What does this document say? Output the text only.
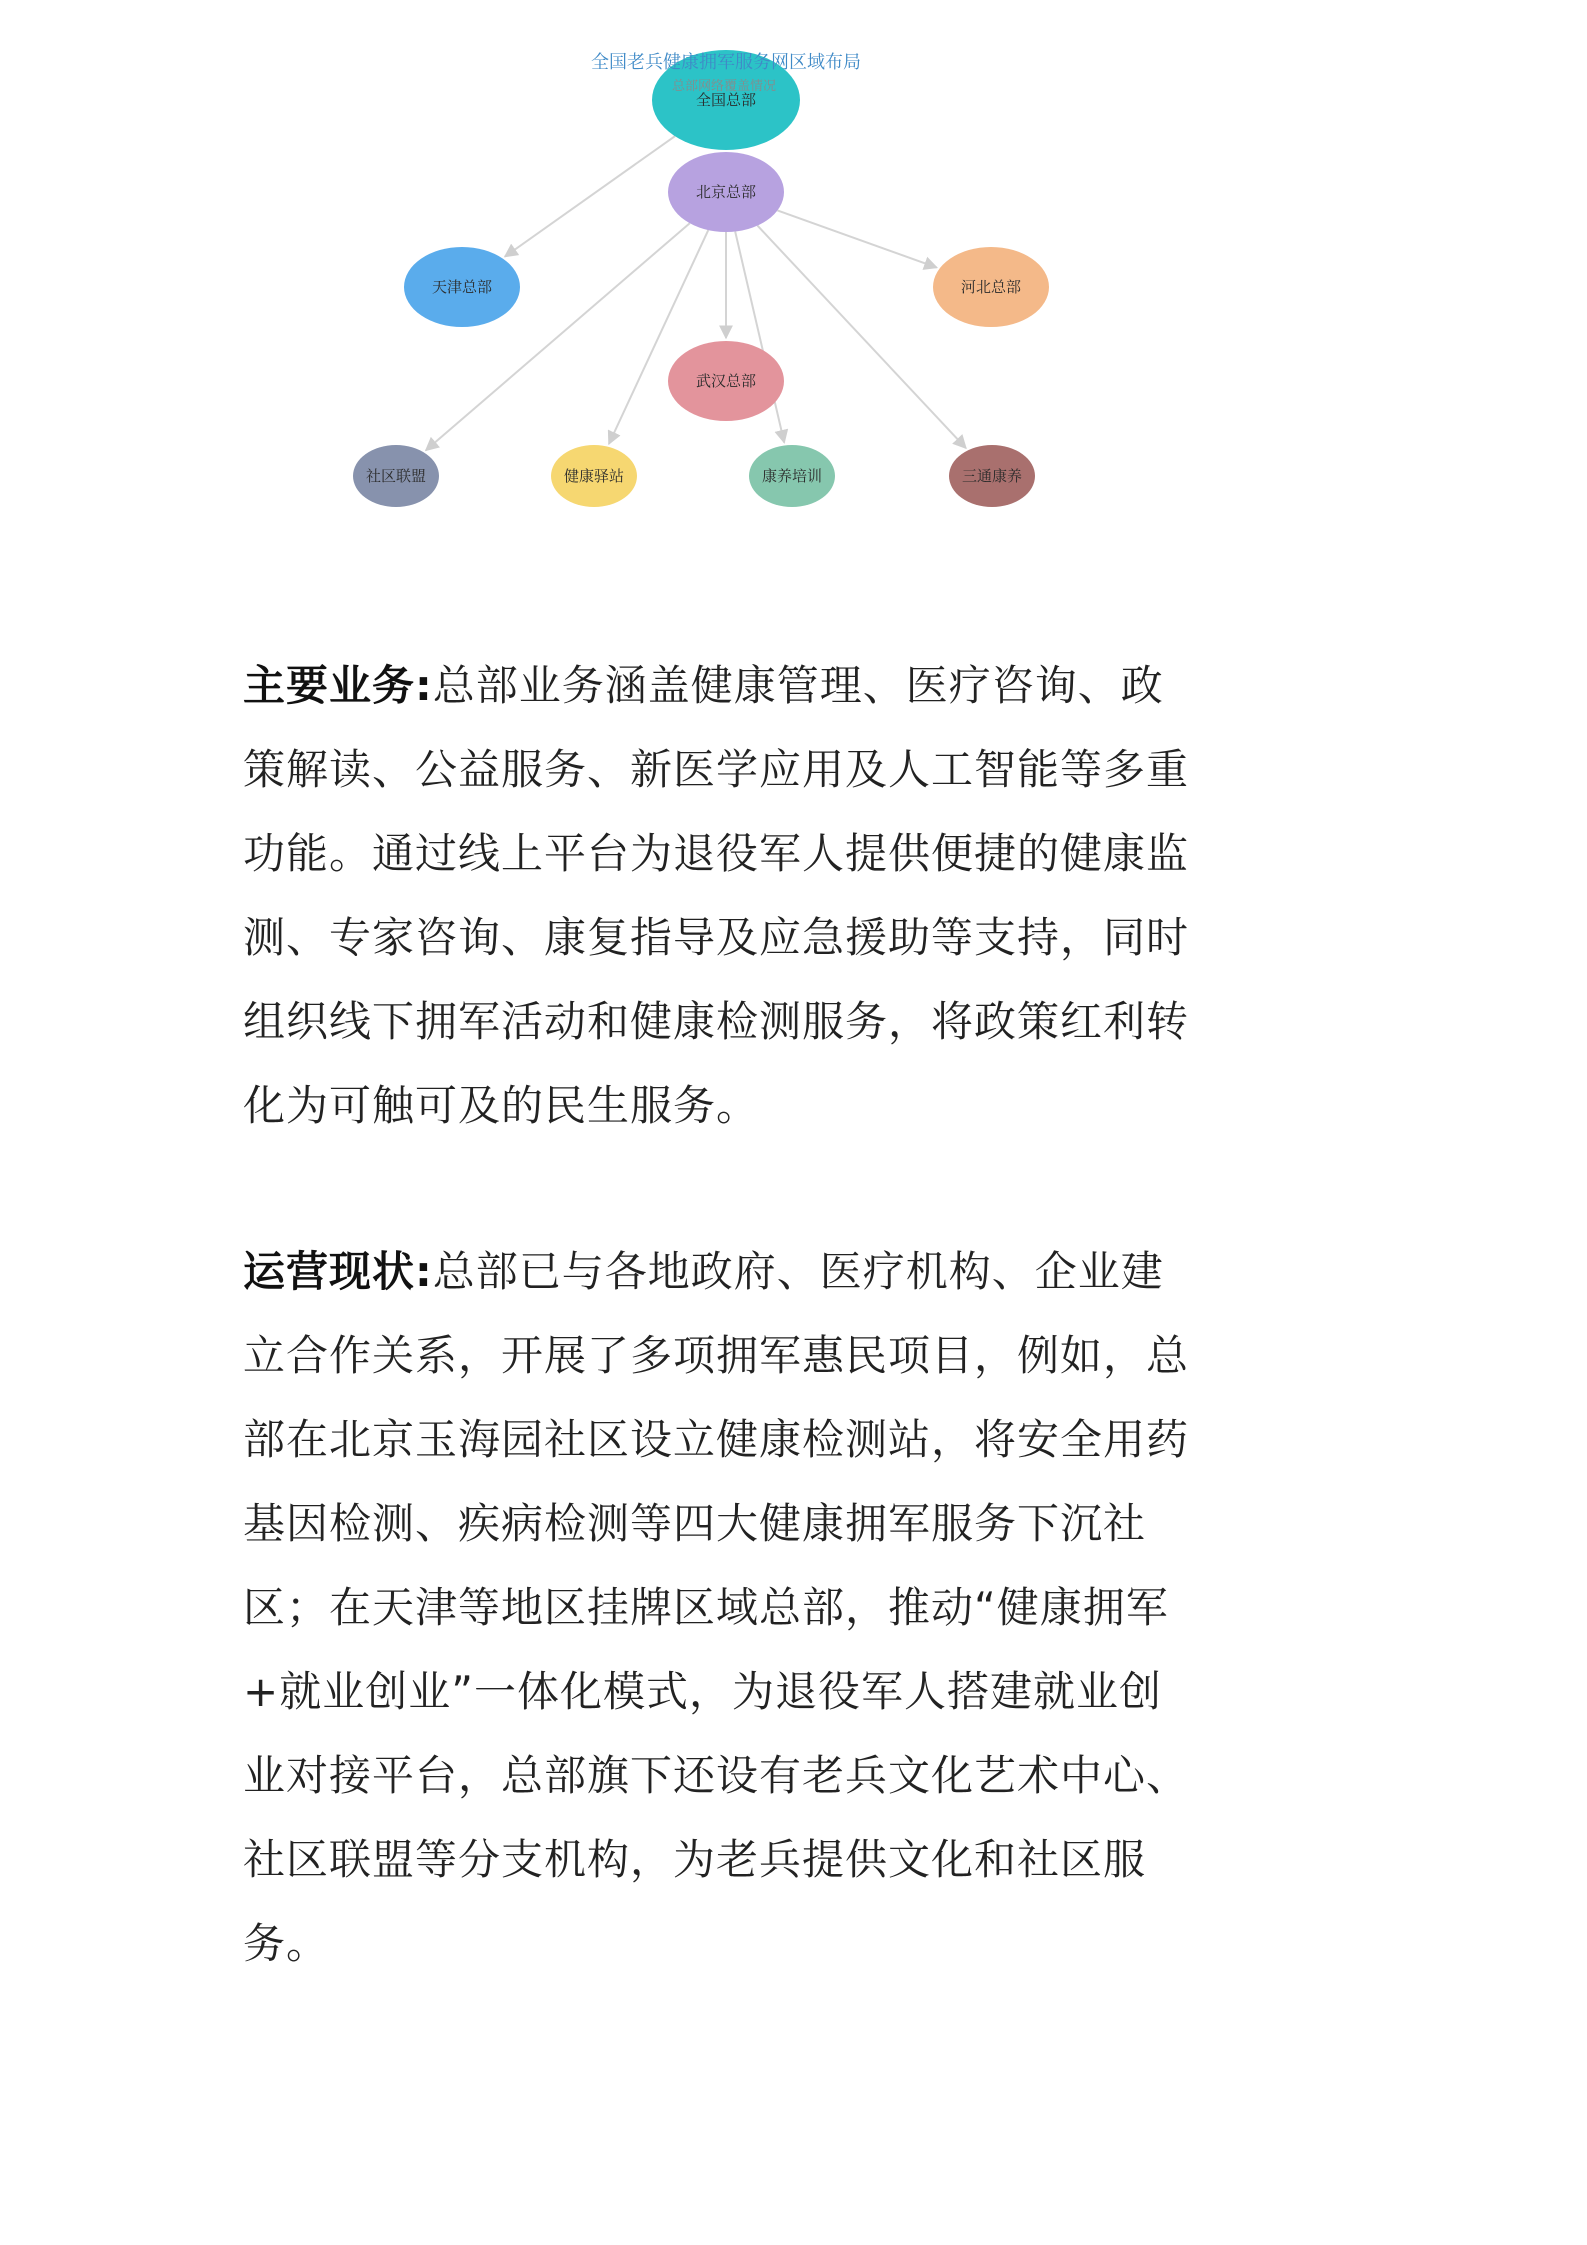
全国总部
北京总部
天津总部	河北总部
武汉总部
社区联盟	健康驿站	康养培训	三通康养
全国老兵健康拥军服务网区域布局
总部网络覆盖情况

主要业务:总部业务涵盖健康管理、医疗咨询、政策解读、公益服务、新医学应用及人工智能等多重功能。通过线上平台为退役军人提供便捷的健康监测、专家咨询、康复指导及应急援助等支持，同时组织线下拥军活动和健康检测服务，将政策红利转化为可触可及的民生服务。

运营现状:总部已与各地政府、医疗机构、企业建立合作关系，开展了多项拥军惠民项目，例如，总部在北京玉海园社区设立健康检测站，将安全用药基因检测、疾病检测等四大健康拥军服务下沉社区；在天津等地区挂牌区域总部，推动“健康拥军+就业创业”一体化模式，为退役军人搭建就业创业对接平台，总部旗下还设有老兵文化艺术中心、社区联盟等分支机构，为老兵提供文化和社区服务。
